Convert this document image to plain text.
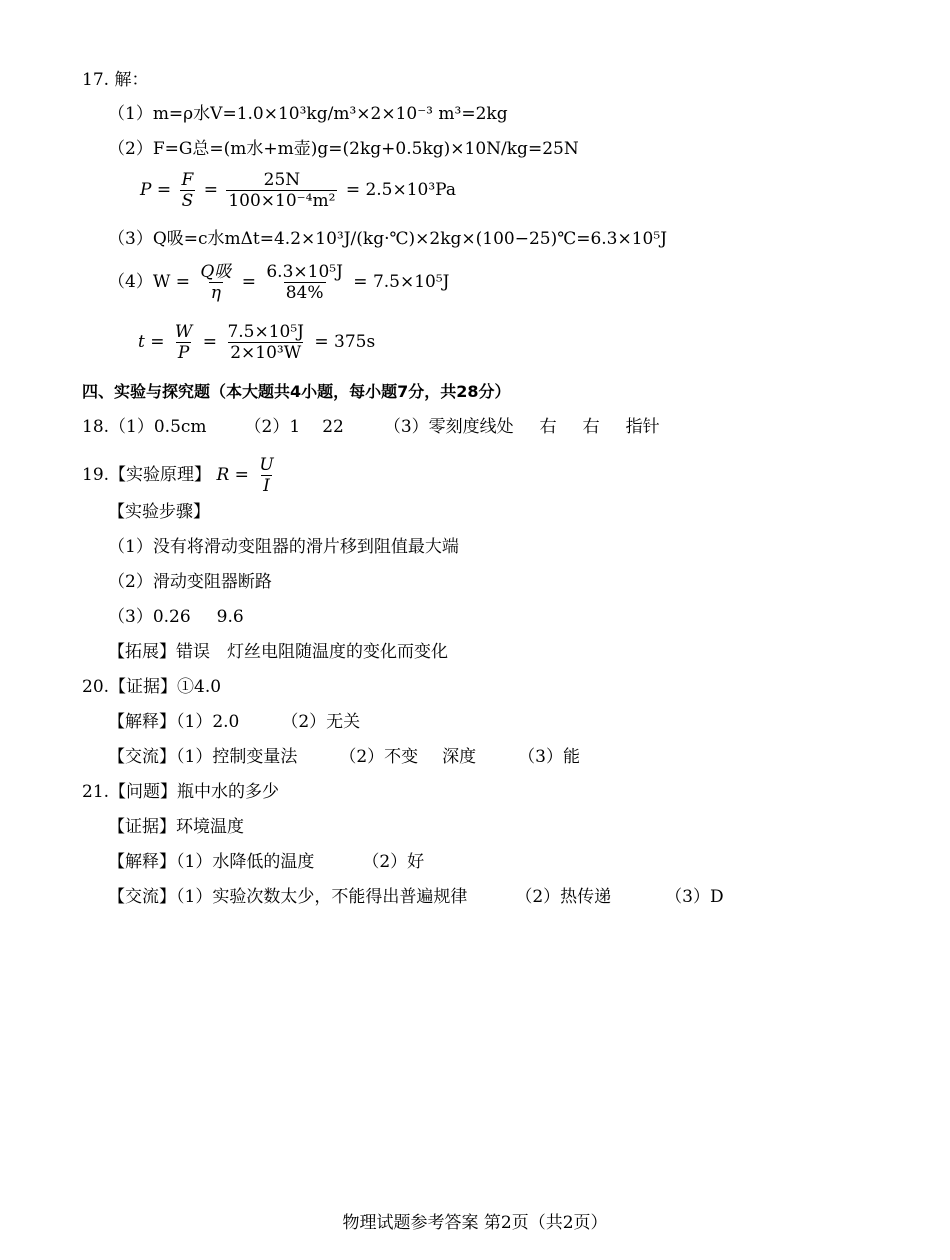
17. 解：
（1）m=ρ水V=1.0×10³kg/m³×2×10⁻³ m³=2kg
（2）F=G总=(m水+m壶)g=(2kg+0.5kg)×10N/kg=25N
$P = \frac{F}{S} = \frac{25N}{\text{100×10⁻⁴m²}} = 2.5\times 10^3Pa$
（3）Q吸=c水mΔt=4.2×10³J/(kg·℃)×2kg×(100−25)℃=6.3×10⁵J
$(4)W = \frac{\text{Q吸}}{\eta} = \frac{\text{6.3×10⁵J}}{84\%} = 7.5\times 10^5J$
$t = \frac{W}{P} = \frac{\text{7.5×10⁵J}}{\text{2×10³W}} = 375s$
四、实验与探究题（本大题共4小题，每小题7分，共28分）
18.（1）0.5cm （2）1 22 （3）零刻度线处 右 右 指针
19.【实验原理】 $R = \frac{U}{I}$
【实验步骤】
（1）没有将滑动变阻器的滑片移到阻值最大端
（2）滑动变阻器断路
（3）0.26 9.6
【拓展】错误　灯丝电阻随温度的变化而变化
20.【证据】①4.0
【解释】（1）2.0 （2）无关
【交流】（1）控制变量法 （2）不变 深度 （3）能
21.【问题】瓶中水的多少
【证据】环境温度
【解释】（1）水降低的温度	（2）好
【交流】（1）实验次数太少，不能得出普遍规律	（2）热传递	（3）D
物理试题参考答案 第2页（共2页）
